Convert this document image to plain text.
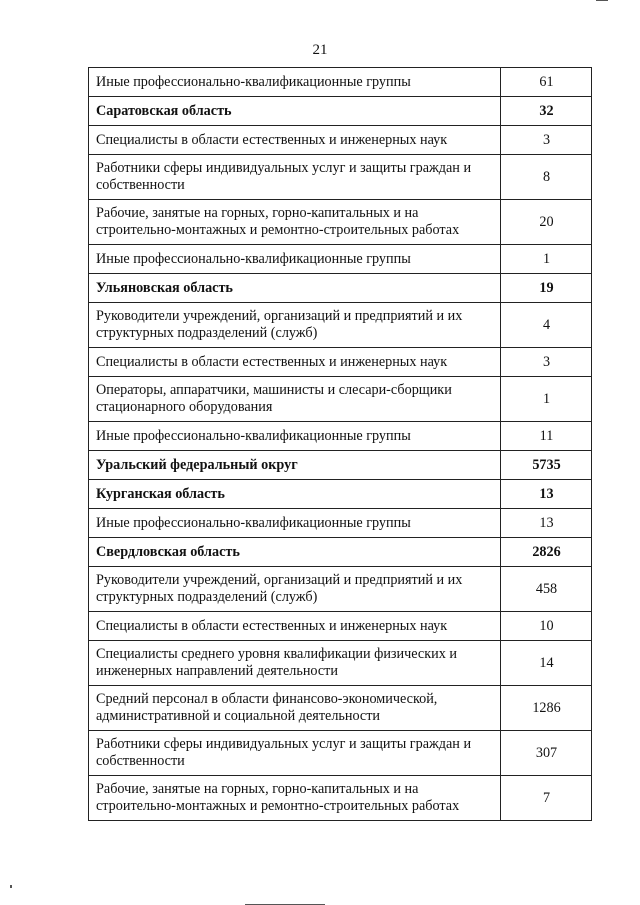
21
Иные профессионально-квалификационные группы	61
Саратовская область	32
Специалисты в области естественных и инженерных наук	3
Работники сферы индивидуальных услуг и защиты граждан и собственности	8
Рабочие, занятые на горных, горно-капитальных и на строительно-монтажных и ремонтно-строительных работах	20
Иные профессионально-квалификационные группы	1
Ульяновская область	19
Руководители учреждений, организаций и предприятий и их структурных подразделений (служб)	4
Специалисты в области естественных и инженерных наук	3
Операторы, аппаратчики, машинисты и слесари-сборщики стационарного оборудования	1
Иные профессионально-квалификационные группы	11
Уральский федеральный округ	5735
Курганская область	13
Иные профессионально-квалификационные группы	13
Свердловская область	2826
Руководители учреждений, организаций и предприятий и их структурных подразделений (служб)	458
Специалисты в области естественных и инженерных наук	10
Специалисты среднего уровня квалификации физических и инженерных направлений деятельности	14
Средний персонал в области финансово-экономической, административной и социальной деятельности	1286
Работники сферы индивидуальных услуг и защиты граждан и собственности	307
Рабочие, занятые на горных, горно-капитальных и на строительно-монтажных и ремонтно-строительных работах	7
